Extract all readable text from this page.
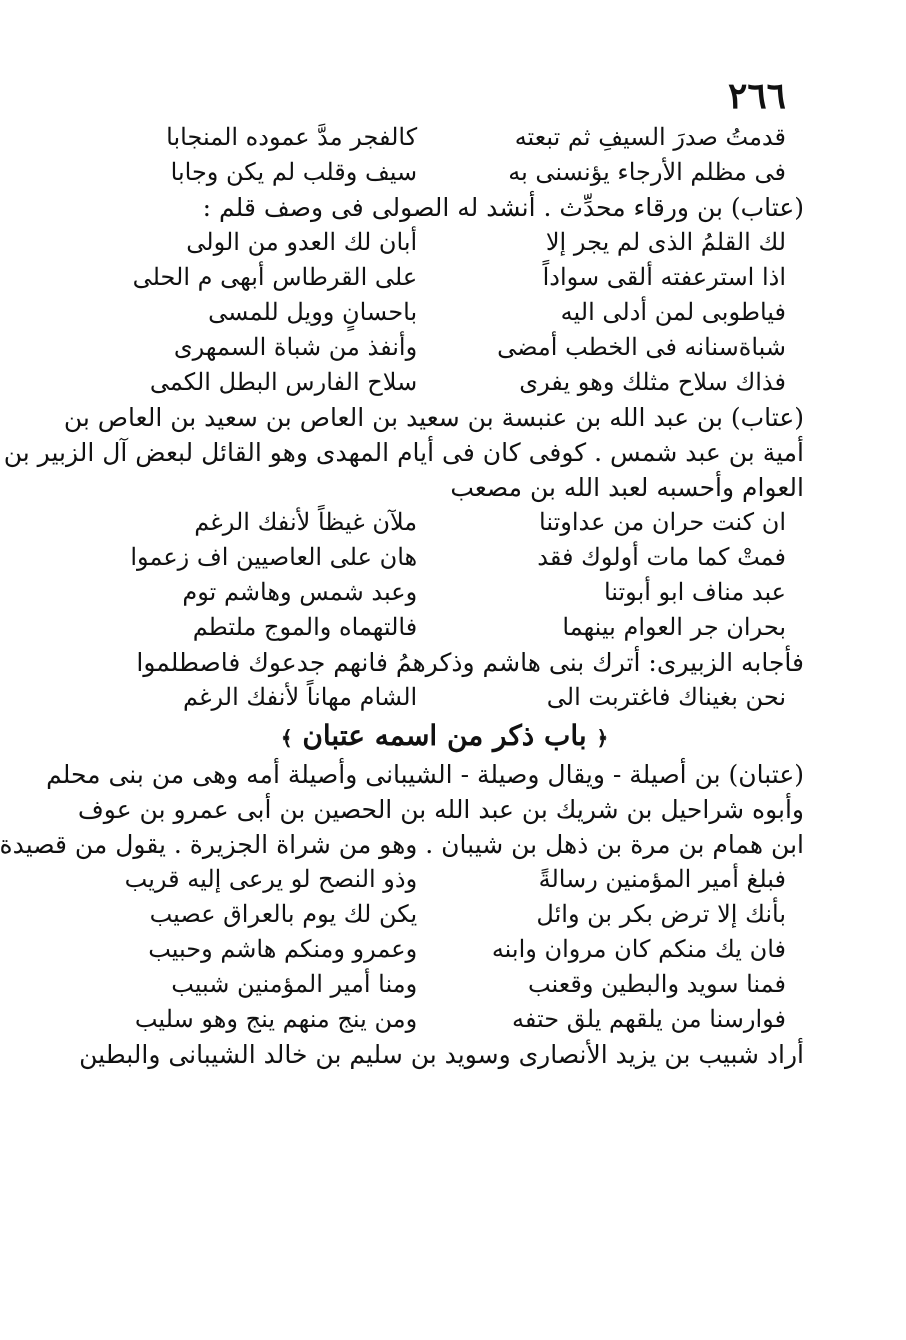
٢٦٦
قدمتُ صدرَ السيفِ ثم تبعته
كالفجر مدَّ عموده المنجابا
فى مظلم الأرجاء يؤنسنى به
سيف وقلب لم يكن وجابا
(عتاب) بن ورقاء محدِّث . أنشد له الصولى فى وصف قلم :
لك القلمُ الذى لم يجر إلا
أبان لك العدو من الولى
اذا استرعفته ألقى سواداً
على القرطاس أبهى م الحلى
فياطوبى لمن أدلى اليه
باحسانٍ وويل للمسى
شباةسنانه فى الخطب أمضى
وأنفذ من شباة السمهرى
فذاك سلاح مثلك وهو يفرى
سلاح الفارس البطل الكمى
(عتاب) بن عبد الله بن عنبسة بن سعيد بن العاص بن سعيد بن العاص بن
أمية بن عبد شمس . كوفى كان فى أيام المهدى وهو القائل لبعض آل الزبير بن
العوام وأحسبه لعبد الله بن مصعب
ان كنت حران من عداوتنا
ملآن غيظاً لأنفك الرغم
فمتْ كما مات أولوك فقد
هان على العاصيين اف زعموا
عبد مناف ابو أبوتنا
وعبد شمس وهاشم توم
بحران جر العوام بينهما
فالتهماه والموج ملتطم
فأجابه الزبيرى: أترك بنى هاشم وذكرهمُ فانهم جدعوك فاصطلموا
نحن بغيناك فاغتربت الى
الشام مهاناً لأنفك الرغم
﴿ باب ذكر من اسمه عتبان ﴾
(عتبان) بن أصيلة - ويقال وصيلة - الشيبانى وأصيلة أمه وهى من بنى محلم
وأبوه شراحيل بن شريك بن عبد الله بن الحصين بن أبى عمرو بن عوف
ابن همام بن مرة بن ذهل بن شيبان . وهو من شراة الجزيرة . يقول من قصيدة
فبلغ أمير المؤمنين رسالةً
وذو النصح لو يرعى إليه قريب
بأنك إلا ترض بكر بن وائل
يكن لك يوم بالعراق عصيب
فان يك منكم كان مروان وابنه
وعمرو ومنكم هاشم وحبيب
فمنا سويد والبطين وقعنب
ومنا أمير المؤمنين شبيب
فوارسنا من يلقهم يلق حتفه
ومن ينج منهم ينج وهو سليب
أراد شبيب بن يزيد الأنصارى وسويد بن سليم بن خالد الشيبانى والبطين
